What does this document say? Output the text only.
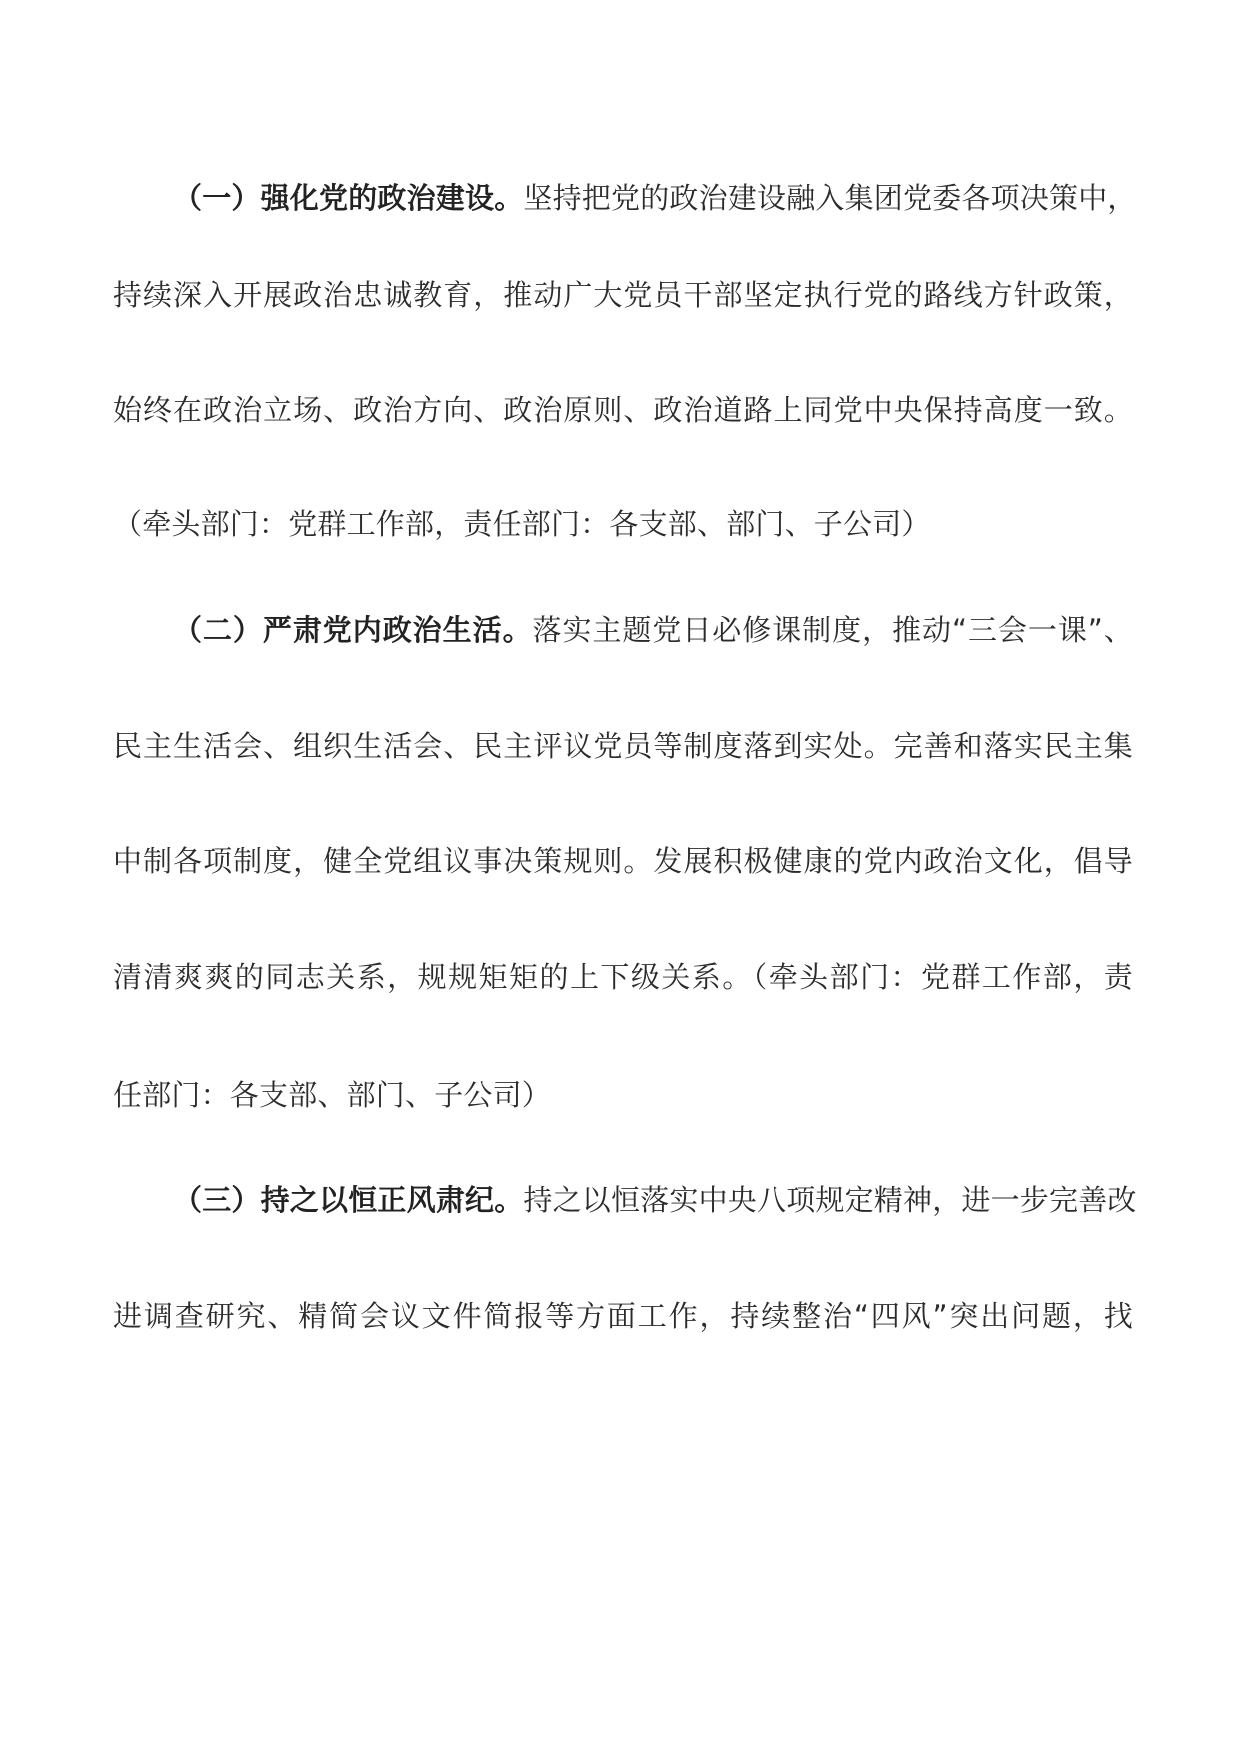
（一）强化党的政治建设。坚持把党的政治建设融入集团党委各项决策中，
持续深入开展政治忠诚教育，推动广大党员干部坚定执行党的路线方针政策，
始终在政治立场、政治方向、政治原则、政治道路上同党中央保持高度一致。
（牵头部门：党群工作部，责任部门：各支部、部门、子公司）
（二）严肃党内政治生活。落实主题党日必修课制度，推动“三会一课”、
民主生活会、组织生活会、民主评议党员等制度落到实处。完善和落实民主集
中制各项制度，健全党组议事决策规则。发展积极健康的党内政治文化，倡导
清清爽爽的同志关系，规规矩矩的上下级关系。（牵头部门：党群工作部，责
任部门：各支部、部门、子公司）
（三）持之以恒正风肃纪。持之以恒落实中央八项规定精神，进一步完善改
进调查研究、精简会议文件简报等方面工作，持续整治“四风”突出问题，找
